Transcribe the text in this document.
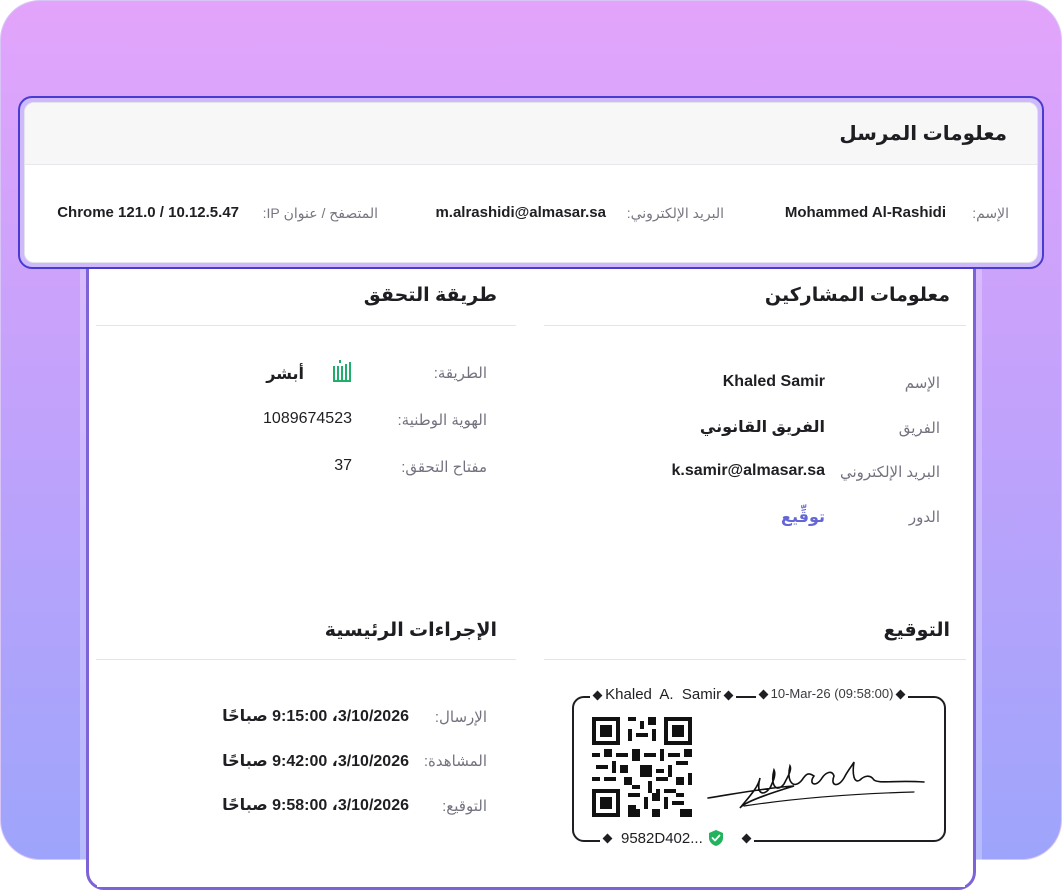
معلومات المشاركين
الإسم
Khaled Samir
الفريق
الفريق القانوني
البريد الإلكتروني
k.samir@almasar.sa
الدور
توقِّيع
طريقة التحقق
الطريقة:
أبشر
الهوية الوطنية:
1089674523
مفتاح التحقق:
37
التوقيع
Khaled  A.  Samir	10-Mar-26 (09:58:00)
9582D402...
الإجراءات الرئيسية
الإرسال:
3/10/2026، 9:15:00 صباحًا
المشاهدة:
3/10/2026، 9:42:00 صباحًا
التوقيع:
3/10/2026، 9:58:00 صباحًا
معلومات المرسل
الإسم:
Mohammed Al-Rashidi
البريد الإلكتروني:
m.alrashidi@almasar.sa
المتصفح / عنوان IP:
Chrome 121.0 / 10.12.5.47
